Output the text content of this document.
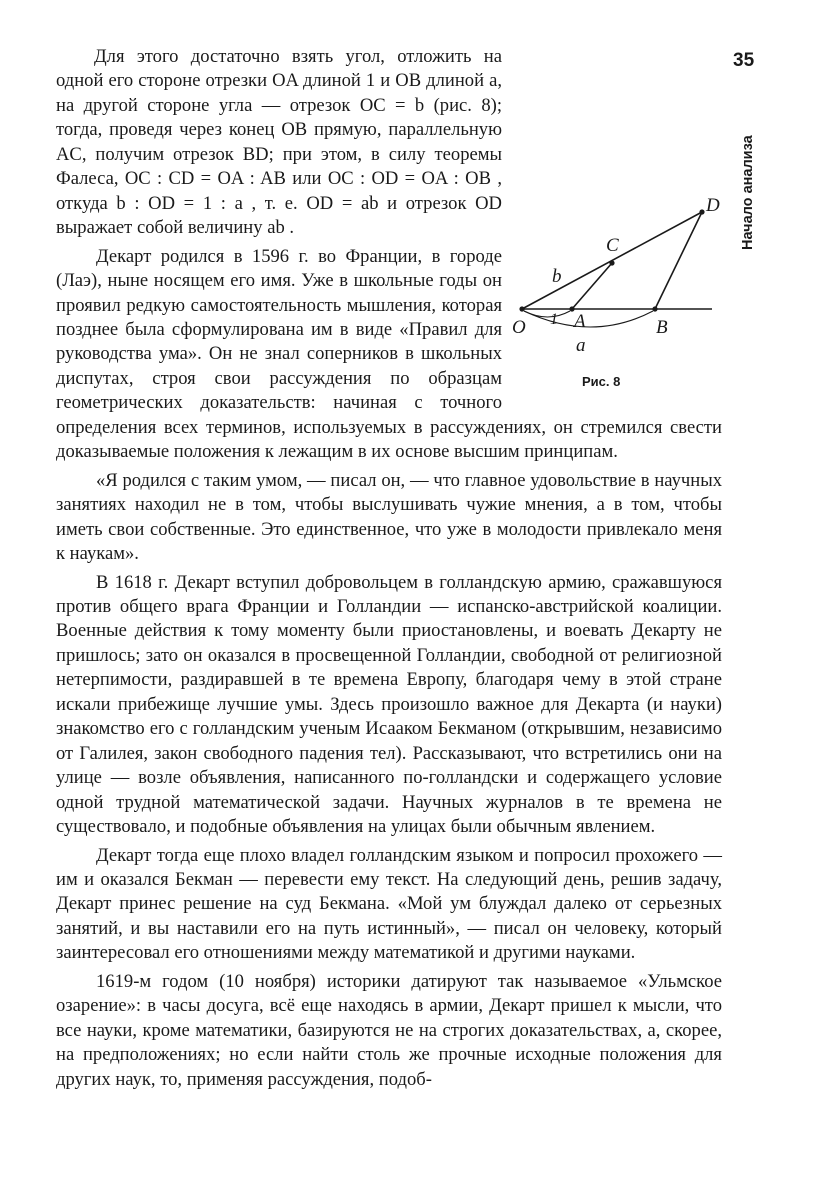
35
Начало анализа
O	A	B
C
D
1
a
b
Рис. 8

Для этого достаточно взять угол, отложить на одной его стороне отрезки OA длиной 1 и OB длиной a, на другой стороне угла — отрезок OC = b (рис. 8); тогда, проведя через конец OB прямую, параллельную AC, получим отрезок BD; при этом, в силу теоремы Фалеса, OC : CD = OA : AB или OC : OD = OA : OB , откуда b : OD = 1 : a , т. е. OD = ab и отрезок OD выражает собой величину ab .

Декарт родился в 1596 г. во Франции, в городе (Лаэ), ныне носящем его имя. Уже в школьные годы он проявил редкую самостоятельность мышления, которая позднее была сформулирована им в виде «Правил для руководства ума». Он не знал соперников в школьных диспутах, строя свои рассуждения по образцам геометрических доказательств: начиная с точного определения всех терминов, используемых в рассуждениях, он стремился свести доказываемые положения к лежащим в их основе высшим принципам.

«Я родился с таким умом, — писал он, — что главное удовольствие в научных занятиях находил не в том, чтобы выслушивать чужие мнения, а в том, чтобы иметь свои собственные. Это единственное, что уже в молодости привлекало меня к наукам».

В 1618 г. Декарт вступил добровольцем в голландскую армию, сражавшуюся против общего врага Франции и Голландии — испанско-австрийской коалиции. Военные действия к тому моменту были приостановлены, и воевать Декарту не пришлось; зато он оказался в просвещенной Голландии, свободной от религиозной нетерпимости, раздиравшей в те времена Европу, благодаря чему в этой стране искали прибежище лучшие умы. Здесь произошло важное для Декарта (и науки) знакомство его с голландским ученым Исааком Бекманом (открывшим, независимо от Галилея, закон свободного падения тел). Рассказывают, что встретились они на улице — возле объявления, написанного по-голландски и содержащего условие одной трудной математической задачи. Научных журналов в те времена не существовало, и подобные объявления на улицах были обычным явлением.

Декарт тогда еще плохо владел голландским языком и попросил прохожего — им и оказался Бекман — перевести ему текст. На следующий день, решив задачу, Декарт принес решение на суд Бекмана. «Мой ум блуждал далеко от серьезных занятий, и вы наставили его на путь истинный», — писал он человеку, который заинтересовал его отношениями между математикой и другими науками.

1619-м годом (10 ноября) историки датируют так называемое «Ульмское озарение»: в часы досуга, всё еще находясь в армии, Декарт пришел к мысли, что все науки, кроме математики, базируются не на строгих доказательствах, а, скорее, на предположениях; но если найти столь же прочные исходные положения для других наук, то, применяя рассуждения, подоб-
